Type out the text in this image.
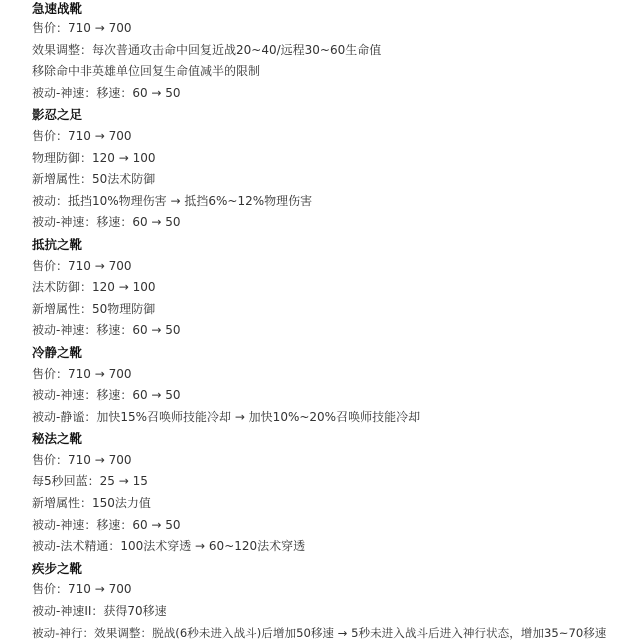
急速战靴
售价：710 → 700
效果调整：每次普通攻击命中回复近战20~40/远程30~60生命值
移除命中非英雄单位回复生命值减半的限制
被动-神速：移速：60 → 50
影忍之足
售价：710 → 700
物理防御：120 → 100
新增属性：50法术防御
被动：抵挡10%物理伤害 → 抵挡6%~12%物理伤害
被动-神速：移速：60 → 50
抵抗之靴
售价：710 → 700
法术防御：120 → 100
新增属性：50物理防御
被动-神速：移速：60 → 50
冷静之靴
售价：710 → 700
被动-神速：移速：60 → 50
被动-静谧：加快15%召唤师技能冷却 → 加快10%~20%召唤师技能冷却
秘法之靴
售价：710 → 700
每5秒回蓝：25 → 15
新增属性：150法力值
被动-神速：移速：60 → 50
被动-法术精通：100法术穿透 → 60~120法术穿透
疾步之靴
售价：710 → 700
被动-神速II：获得70移速
被动-神行：效果调整：脱战(6秒未进入战斗)后增加50移速 → 5秒未进入战斗后进入神行状态，增加35~70移速
